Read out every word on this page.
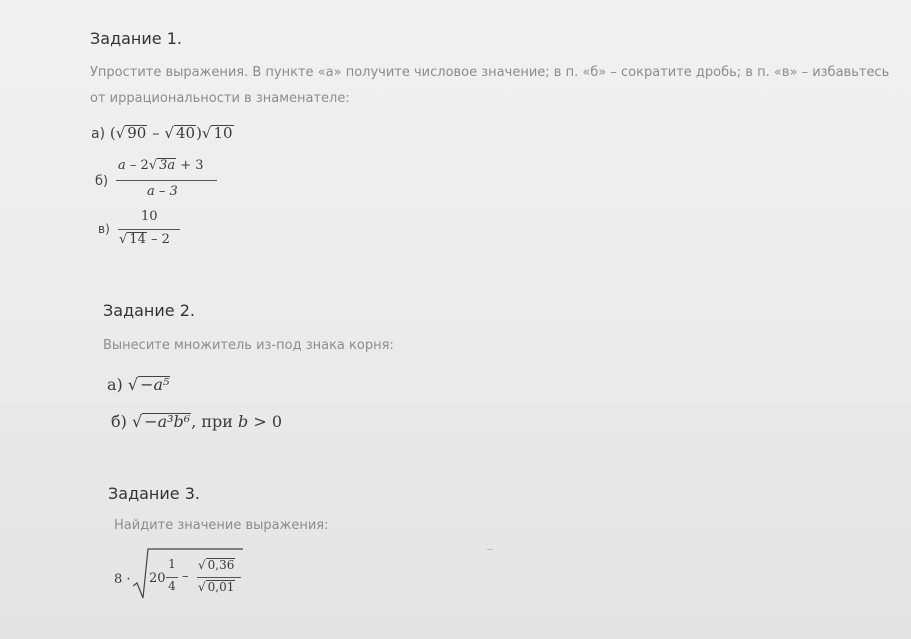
Задание 1.
Упростите выражения. В пункте «а» получите числовое значение; в п. «б» – сократите дробь; в п. «в» – избавьтесь от иррациональности в знаменателе:
а) (√ 90 – √ 40)√ 10
б)
a – 2√ 3a + 3
a – 3
в)
10
√ 14 – 2
Задание 2.
Вынесите множитель из-под знака корня:
а) √ −a⁵
б) √ −a³b⁶, при b > 0
Задание 3.
Найдите значение выражения:
8 · 20
1
4
–
√ 0,36
√ 0,01
